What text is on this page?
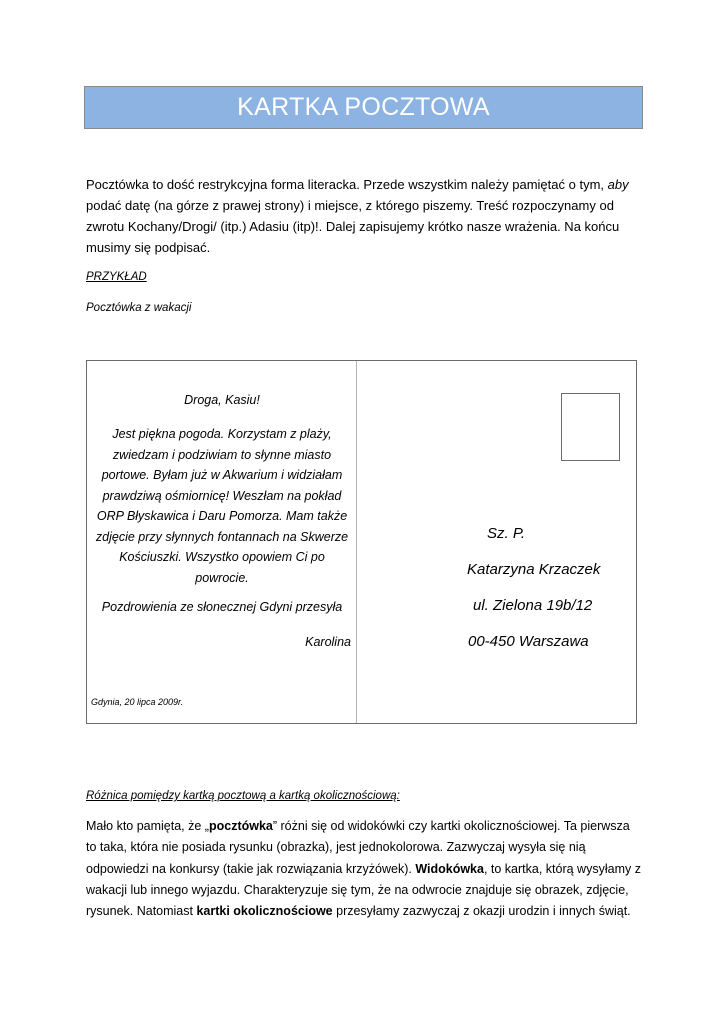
KARTKA POCZTOWA

Pocztówka to dość restrykcyjna forma literacka. Przede wszystkim należy pamiętać o tym, aby podać datę (na górze z prawej strony) i miejsce, z którego piszemy. Treść rozpoczynamy od zwrotu Kochany/Drogi/ (itp.) Adasiu (itp)!. Dalej zapisujemy krótko nasze wrażenia. Na końcu musimy się podpisać.

PRZYKŁAD

Pocztówka z wakacji

Droga, Kasiu!
Jest piękna pogoda. Korzystam z plaży, zwiedzam i podziwiam to słynne miasto portowe. Byłam już w Akwarium i widziałam prawdziwą ośmiornicę! Weszłam na pokład ORP Błyskawica i Daru Pomorza. Mam także zdjęcie przy słynnych fontannach na Skwerze Kościuszki. Wszystko opowiem Ci po powrocie.
Pozdrowienia ze słonecznej Gdyni przesyła
Karolina
Gdynia, 20 lipca 2009r.
Sz. P.
Katarzyna Krzaczek
ul. Zielona 19b/12
00-450 Warszawa

Różnica pomiędzy kartką pocztową a kartką okolicznościową:

Mało kto pamięta, że „pocztówka” różni się od widokówki czy kartki okolicznościowej. Ta pierwsza to taka, która nie posiada rysunku (obrazka), jest jednokolorowa. Zazwyczaj wysyła się nią odpowiedzi na konkursy (takie jak rozwiązania krzyżówek). Widokówka, to kartka, którą wysyłamy z wakacji lub innego wyjazdu. Charakteryzuje się tym, że na odwrocie znajduje się obrazek, zdjęcie, rysunek. Natomiast kartki okolicznościowe przesyłamy zazwyczaj z okazji urodzin i innych świąt.
